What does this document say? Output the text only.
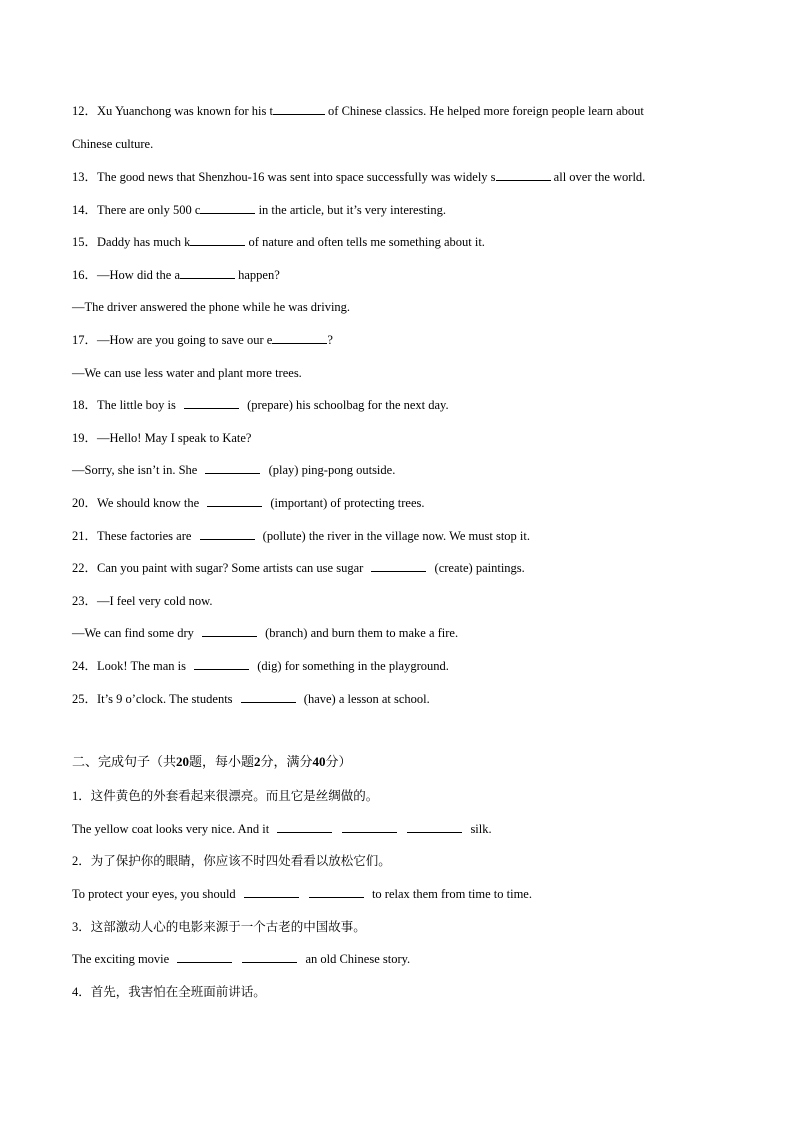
12．Xu Yuanchong was known for his t	of Chinese classics. He helped more foreign people learn about
Chinese culture.
13．The good news that Shenzhou-16 was sent into space successfully was widely s	all over the world.
14．There are only 500 c	in the article, but it’s very interesting.
15．Daddy has much k	of nature and often tells me something about it.
16．—How did the a	happen?
—The driver answered the phone while he was driving.
17．—How are you going to save our e	?
—We can use less water and plant more trees.
18．The little boy is	(prepare) his schoolbag for the next day.
19．—Hello! May I speak to Kate?
—Sorry, she isn’t in. She	(play) ping-pong outside.
20．We should know the	(important) of protecting trees.
21．These factories are	(pollute) the river in the village now. We must stop it.
22．Can you paint with sugar? Some artists can use sugar	(create) paintings.
23．—I feel very cold now.
—We can find some dry	(branch) and burn them to make a fire.
24．Look! The man is	(dig) for something in the playground.
25．It’s 9 o’clock. The students	(have) a lesson at school.
二、完成句子（共20题，每小题2分，满分40分）
1．这件黄色的外套看起来很漂亮。而且它是丝绸做的。
The yellow coat looks very nice. And it	silk.
2．为了保护你的眼睛，你应该不时四处看看以放松它们。
To protect your eyes, you should	to relax them from time to time.
3．这部激动人心的电影来源于一个古老的中国故事。
The exciting movie	an old Chinese story.
4．首先，我害怕在全班面前讲话。
